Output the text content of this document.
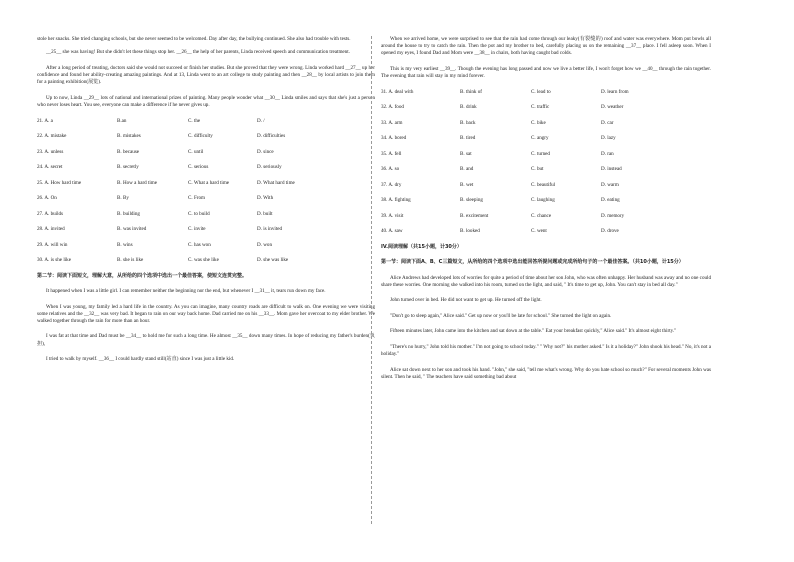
stole her snacks. She tried changing schools, but she never seemed to be welcomed. Day after day, the bullying continued. She also had trouble with tests.

__25__ she was having! But she didn't let these things stop her. __26__ the help of her parents, Linda received speech and communication treatment.

After a long period of treating, doctors said she would not succeed or finish her studies. But she proved that they were wrong. Linda worked hard __27__ up her confidence and found her ability-creating amazing paintings. And at 13, Linda went to an art college to study painting and then __28__ by local artists to join them for a painting exhibition(展览).

Up to now, Linda __29__ lots of national and international prizes of painting. Many people wonder what __30__ Linda smiles and says that she's just a person who never loses heart. You see, everyone can make a difference if he never gives up.

21. A. a	B.an	C. the	D. /
22. A. mistake	B. mistakes	C. difficulty	D. difficulties
23. A. unless	B. because	C. until	D. since
24. A. secret	B. secretly	C. serious	D. seriously
25. A. How hard time	B. How a hard time	C. What a hard time	D. What hard time
26. A. On	B. By	C. From	D. With
27. A. builds	B. building	C. to build	D. built
28. A. invited	B. was invited	C. invite	D. is invited
29. A. will win	B. wins	C. has won	D. won
30. A. is she like	B. she is like	C. was she like	D. she was like

第二节：阅读下面短文，理解大意，从所给的四个选项中选出一个最佳答案，使短文连贯完整。

It happened when I was a little girl. I can remember neither the beginning nor the end, but whenever I __31__ it, tears run down my face.

When I was young, my family led a hard life in the country. As you can imagine, many country roads are difficult to walk on. One evening we were visiting some relatives and the __32__ was very bad. It began to rain on our way back home. Dad carried me on his __33__. Mom gave her overcoat to my elder brother. We walked together through the rain for more than an hour.

I was fat at that time and Dad must be __34__ to hold me for such a long time. He almost __35__ down many times. In hope of reducing my father's burden(负担),

I tried to walk by myself. __36__ I could hardly stand still(站直) since I was just a little kid.

When we arrived home, we were surprised to see that the rain had come through our leaky(有裂缝的) roof and water was everywhere. Mom put bowls all around the house to try to catch the rain. Then the pot and my brother to bed, carefully placing us on the remaining __37__ place. I fell asleep soon. When I opened my eyes, I found Dad and Mom were __38__ in chairs, both having caught bad colds.

This is my very earliest __39__. Though the evening has long passed and now we live a better life, I won't forget how we __40__ through the rain together. The evening that rain will stay in my mind forever.

31. A. deal with	B. think of	C. lead to	D. learn from
32. A. food	B. drink	C. traffic	D. weather
33. A. arm	B. back	C. bike	D. car
34. A. bored	B. tired	C. angry	D. lazy
35. A. fell	B. sat	C. turned	D. ran
36. A. so	B. and	C. but	D. instead
37. A. dry	B. wet	C. beautiful	D. warm
38. A. fighting	B. sleeping	C. laughing	D. eating
39. A. visit	B. excitement	C. chance	D. memory
40. A. saw	B. looked	C. went	D. drove

IV.阅读理解（共15小题，计30分）

第一节：阅读下面A、B、C三篇短文，从所给的四个选项中选出能回答所提问题或完成所给句子的一个最佳答案。（共10小题，计15分）

Alice Andrews had developed lots of worries for quite a period of time about her son John, who was often unhappy. Her husband was away and no one could share these worries. One morning she walked into his room, turned on the light, and said, " It's time to get up, John. You can't stay in bed all day."

John turned over in bed. He did not want to get up. He turned off the light.

"Don't go to sleep again," Alice said." Get up now or you'll be late for school." She turned the light on again.

Fifteen minutes later, John came into the kitchen and sat down at the table." Eat your breakfast quickly," Alice said." It's almost eight thirty."

"There's no hurry," John told his mother." I'm not going to school today." " Why not?" his mother asked." Is it a holiday?" John shook his head." No, it's not a holiday."

Alice sat down next to her son and took his hand. "John," she said, "tell me what's wrong. Why do you hate school so much?" For several moments John was silent. Then he said, " The teachers have said something bad about
